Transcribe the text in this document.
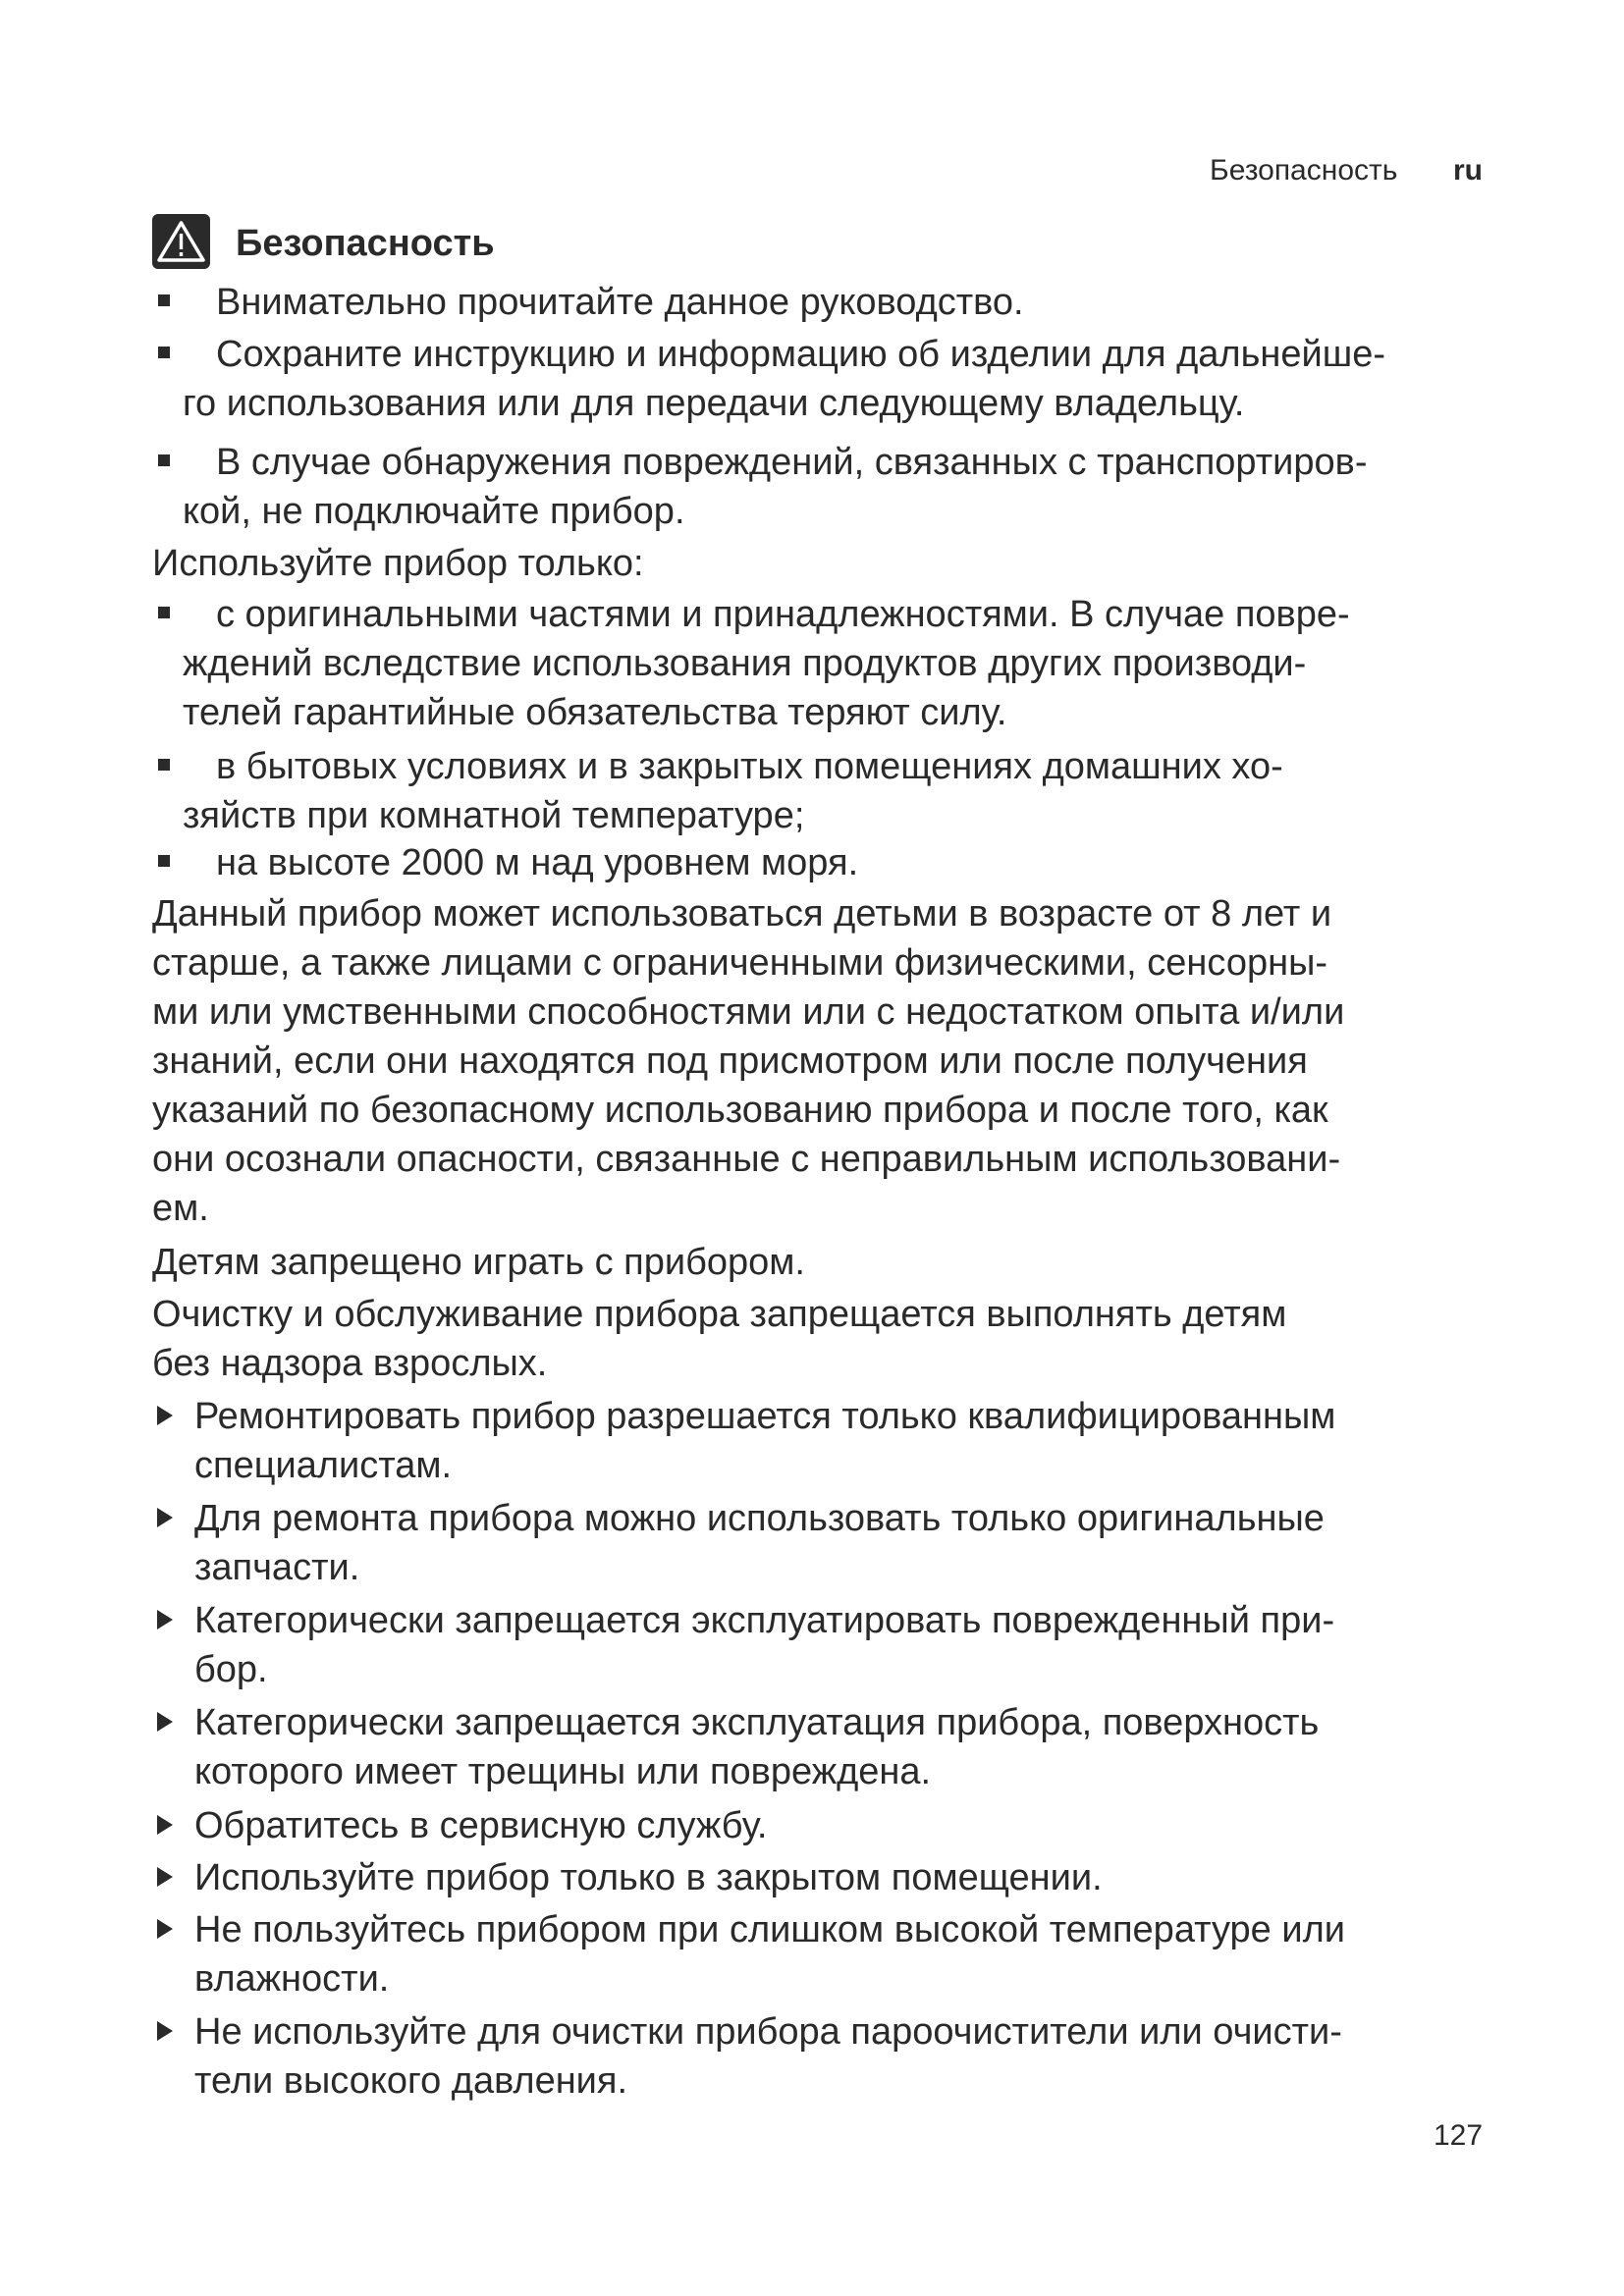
Безопасность ru
Безопасность
Внимательно прочитайте данное руководство.
Сохраните инструкцию и информацию об изделии для дальнейше-
го использования или для передачи следующему владельцу.
В случае обнаружения повреждений, связанных с транспортиров-
кой, не подключайте прибор.
Используйте прибор только:
с оригинальными частями и принадлежностями. В случае повре-
ждений вследствие использования продуктов других производи-
телей гарантийные обязательства теряют силу.
в бытовых условиях и в закрытых помещениях домашних хо-
зяйств при комнатной температуре;
на высоте 2000 м над уровнем моря.
Данный прибор может использоваться детьми в возрасте от 8 лет и
старше, а также лицами с ограниченными физическими, сенсорны-
ми или умственными способностями или с недостатком опыта и/или
знаний, если они находятся под присмотром или после получения
указаний по безопасному использованию прибора и после того, как
они осознали опасности, связанные с неправильным использовани-
ем.
Детям запрещено играть с прибором.
Очистку и обслуживание прибора запрещается выполнять детям
без надзора взрослых.
Ремонтировать прибор разрешается только квалифицированным
специалистам.
Для ремонта прибора можно использовать только оригинальные
запчасти.
Категорически запрещается эксплуатировать поврежденный при-
бор.
Категорически запрещается эксплуатация прибора, поверхность
которого имеет трещины или повреждена.
Обратитесь в сервисную службу.
Используйте прибор только в закрытом помещении.
Не пользуйтесь прибором при слишком высокой температуре или
влажности.
Не используйте для очистки прибора пароочистители или очисти-
тели высокого давления.
127
